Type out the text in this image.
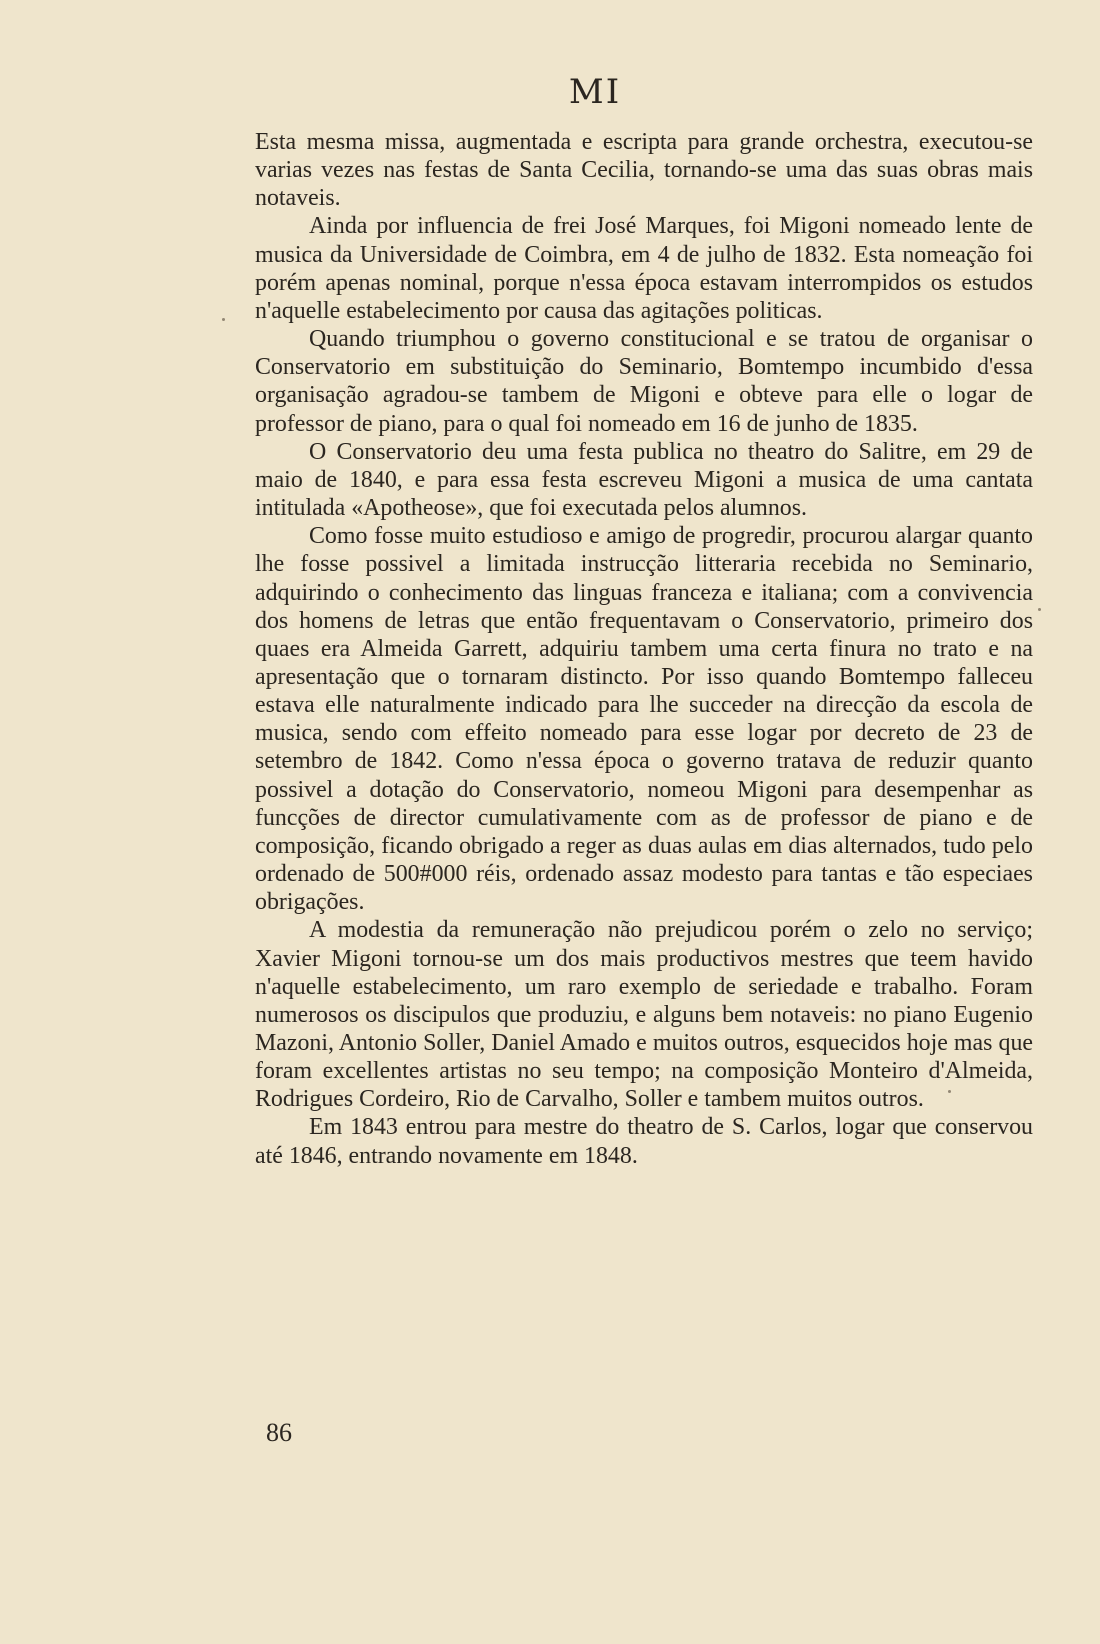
MI

Esta mesma missa, augmentada e escripta para grande orchestra, executou-se varias vezes nas festas de Santa Cecilia, tornando-se uma das suas obras mais notaveis.

Ainda por influencia de frei José Marques, foi Migoni nomeado lente de musica da Universidade de Coimbra, em 4 de julho de 1832. Esta nomeação foi porém apenas nominal, porque n'essa época estavam interrompidos os estudos n'aquelle estabelecimento por causa das agitações politicas.

Quando triumphou o governo constitucional e se tratou de organisar o Conservatorio em substituição do Seminario, Bomtempo incumbido d'essa organisação agradou-se tambem de Migoni e obteve para elle o logar de professor de piano, para o qual foi nomeado em 16 de junho de 1835.

O Conservatorio deu uma festa publica no theatro do Salitre, em 29 de maio de 1840, e para essa festa escreveu Migoni a musica de uma cantata intitulada «Apotheose», que foi executada pelos alumnos.

Como fosse muito estudioso e amigo de progredir, procurou alargar quanto lhe fosse possivel a limitada instrucção litteraria recebida no Seminario, adquirindo o conhecimento das linguas franceza e italiana; com a convivencia dos homens de letras que então frequentavam o Conservatorio, primeiro dos quaes era Almeida Garrett, adquiriu tambem uma certa finura no trato e na apresentação que o tornaram distincto. Por isso quando Bomtempo falleceu estava elle naturalmente indicado para lhe succeder na direcção da escola de musica, sendo com effeito nomeado para esse logar por decreto de 23 de setembro de 1842. Como n'essa época o governo tratava de reduzir quanto possivel a dotação do Conservatorio, nomeou Migoni para desempenhar as funcções de director cumulativamente com as de professor de piano e de composição, ficando obrigado a reger as duas aulas em dias alternados, tudo pelo ordenado de 500#000 réis, ordenado assaz modesto para tantas e tão especiaes obrigações.

A modestia da remuneração não prejudicou porém o zelo no serviço; Xavier Migoni tornou-se um dos mais productivos mestres que teem havido n'aquelle estabelecimento, um raro exemplo de seriedade e trabalho. Foram numerosos os discipulos que produziu, e alguns bem notaveis: no piano Eugenio Mazoni, Antonio Soller, Daniel Amado e muitos outros, esquecidos hoje mas que foram excellentes artistas no seu tempo; na composição Monteiro d'Almeida, Rodrigues Cordeiro, Rio de Carvalho, Soller e tambem muitos outros.

Em 1843 entrou para mestre do theatro de S. Carlos, logar que conservou até 1846, entrando novamente em 1848.

86
